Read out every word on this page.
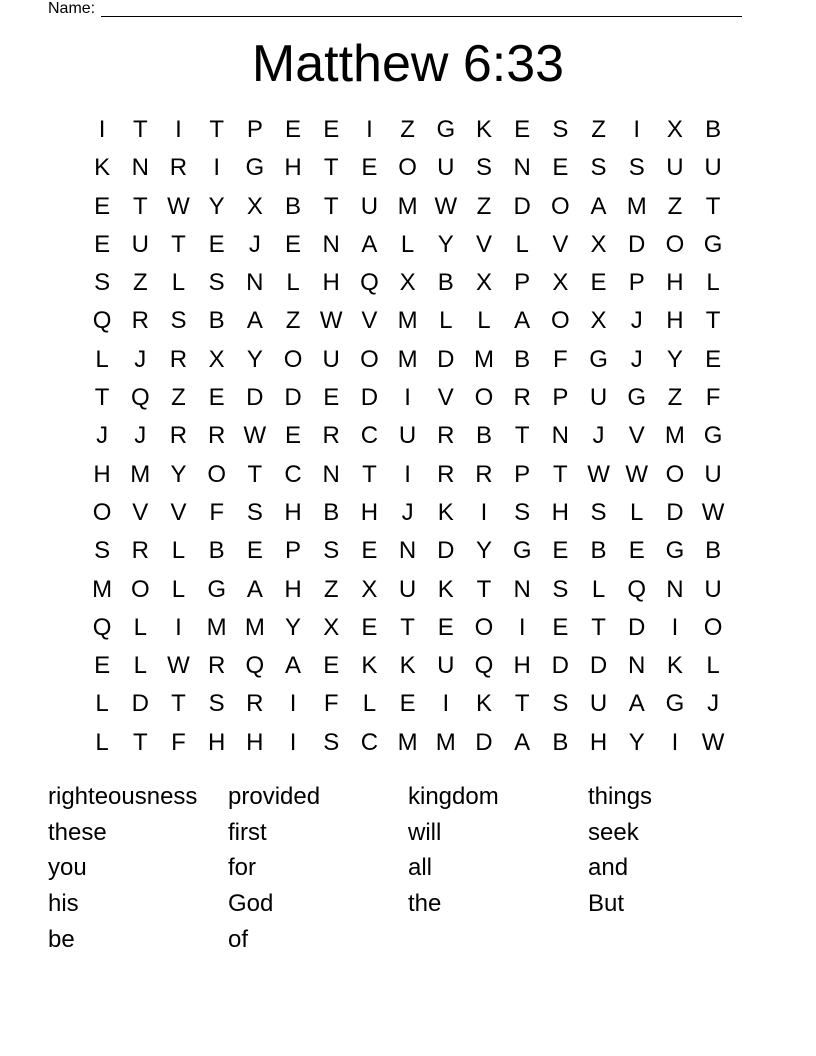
Name:
Matthew 6:33
I	T	I	T P E E	I	Z G K E S Z	I	X B
K N R	I	G H T E O U S N E S S U U
E T W Y X B T U M W Z D O A M Z T
E U T E	J	E N A L Y V L V X D O G
S Z	L S N L H Q X B X P X E P H L
Q R S B A Z W V M L	L A O X	J H T
L	J R X Y O U O M D M B F G J	Y E
T Q Z E D D E D	I	V O R P U G Z F
J	J R R W E R C U R B T N J	V M G
H M Y O T C N T	I	R R P T W W O U
O V V F S H B H J	K	I	S H S L D W
S R L B E P S E N D Y G E B E G B
M O L G A H Z X U K T N S L Q N U
Q L	I	M M Y X E T E O	I	E T D	I	O
E L W R Q A E K K U Q H D D N K L
L D T S R	I	F	L E	I	K T S U A G J
L	T F H H	I	S C M M D A B H Y	I W
righteousness
these
you
his
be
provided
first
for
God
of
kingdom
will
all
the
things
seek
and
But
